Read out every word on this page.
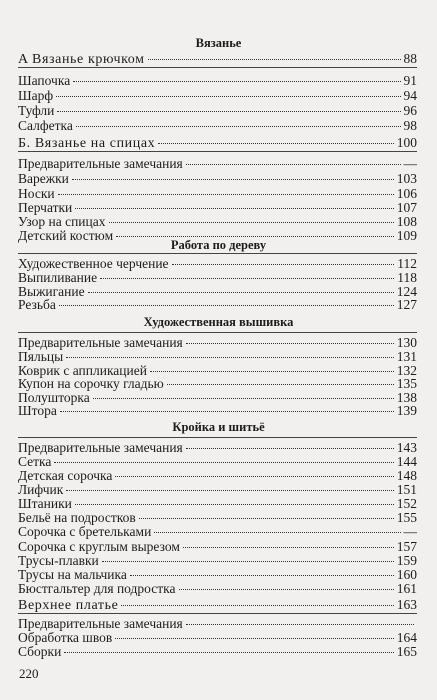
Вязанье
A Вязанье крючком	88
Шапочка	91
Шарф	94
Туфли	96
Салфетка	98
Б. Вязанье на спицах	100
Предварительные замечания	—
Варежки	103
Носки	106
Перчатки	107
Узор на спицах	108
Детский костюм	109
Работа по дереву
Художественное черчение	112
Выпиливание	118
Выжигание	124
Резьба	127
Художественная вышивка
Предварительные замечания	130
Пяльцы	131
Коврик с аппликацией	132
Купон на сорочку гладью	135
Полушторка	138
Штора	139
Кройка и шитьё
Предварительные замечания	143
Сетка	144
Детская сорочка	148
Лифчик	151
Штаники	152
Бельё на подростков	155
Сорочка с бретельками	—
Сорочка с круглым вырезом	157
Трусы-плавки	159
Трусы на мальчика	160
Бюстгальтер для подростка	161
Верхнее платье	163
Предварительные замечания
Обработка швов	164
Сборки	165
220
